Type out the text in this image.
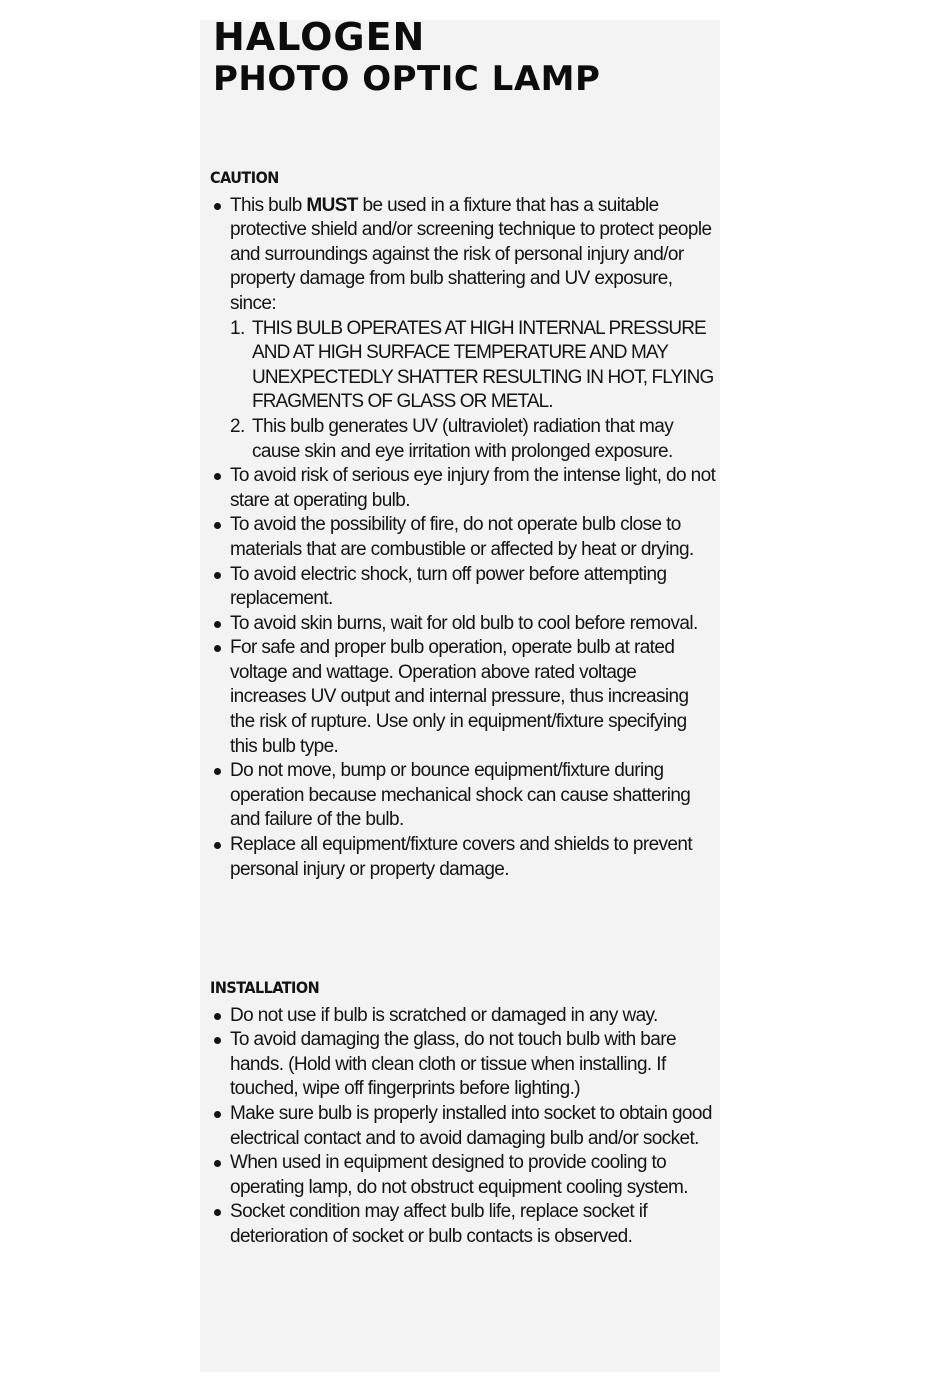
HALOGEN
PHOTO OPTIC LAMP
CAUTION
This bulb MUST be used in a fixture that has a suitable protective shield and/or screening technique to protect people and surroundings against the risk of personal injury and/or property damage from bulb shattering and UV exposure, since:
1. THIS BULB OPERATES AT HIGH INTERNAL PRESSURE AND AT HIGH SURFACE TEMPERATURE AND MAY UNEXPECTEDLY SHATTER RESULTING IN HOT, FLYING FRAGMENTS OF GLASS OR METAL.
2. This bulb generates UV (ultraviolet) radiation that may cause skin and eye irritation with prolonged exposure.
To avoid risk of serious eye injury from the intense light, do not stare at operating bulb.
To avoid the possibility of fire, do not operate bulb close to materials that are combustible or affected by heat or drying.
To avoid electric shock, turn off power before attempting replacement.
To avoid skin burns, wait for old bulb to cool before removal.
For safe and proper bulb operation, operate bulb at rated voltage and wattage. Operation above rated voltage increases UV output and internal pressure, thus increasing the risk of rupture. Use only in equipment/fixture specifying this bulb type.
Do not move, bump or bounce equipment/fixture during operation because mechanical shock can cause shattering and failure of the bulb.
Replace all equipment/fixture covers and shields to prevent personal injury or property damage.
INSTALLATION
Do not use if bulb is scratched or damaged in any way.
To avoid damaging the glass, do not touch bulb with bare hands. (Hold with clean cloth or tissue when installing. If touched, wipe off fingerprints before lighting.)
Make sure bulb is properly installed into socket to obtain good electrical contact and to avoid damaging bulb and/or socket.
When used in equipment designed to provide cooling to operating lamp, do not obstruct equipment cooling system.
Socket condition may affect bulb life, replace socket if deterioration of socket or bulb contacts is observed.
